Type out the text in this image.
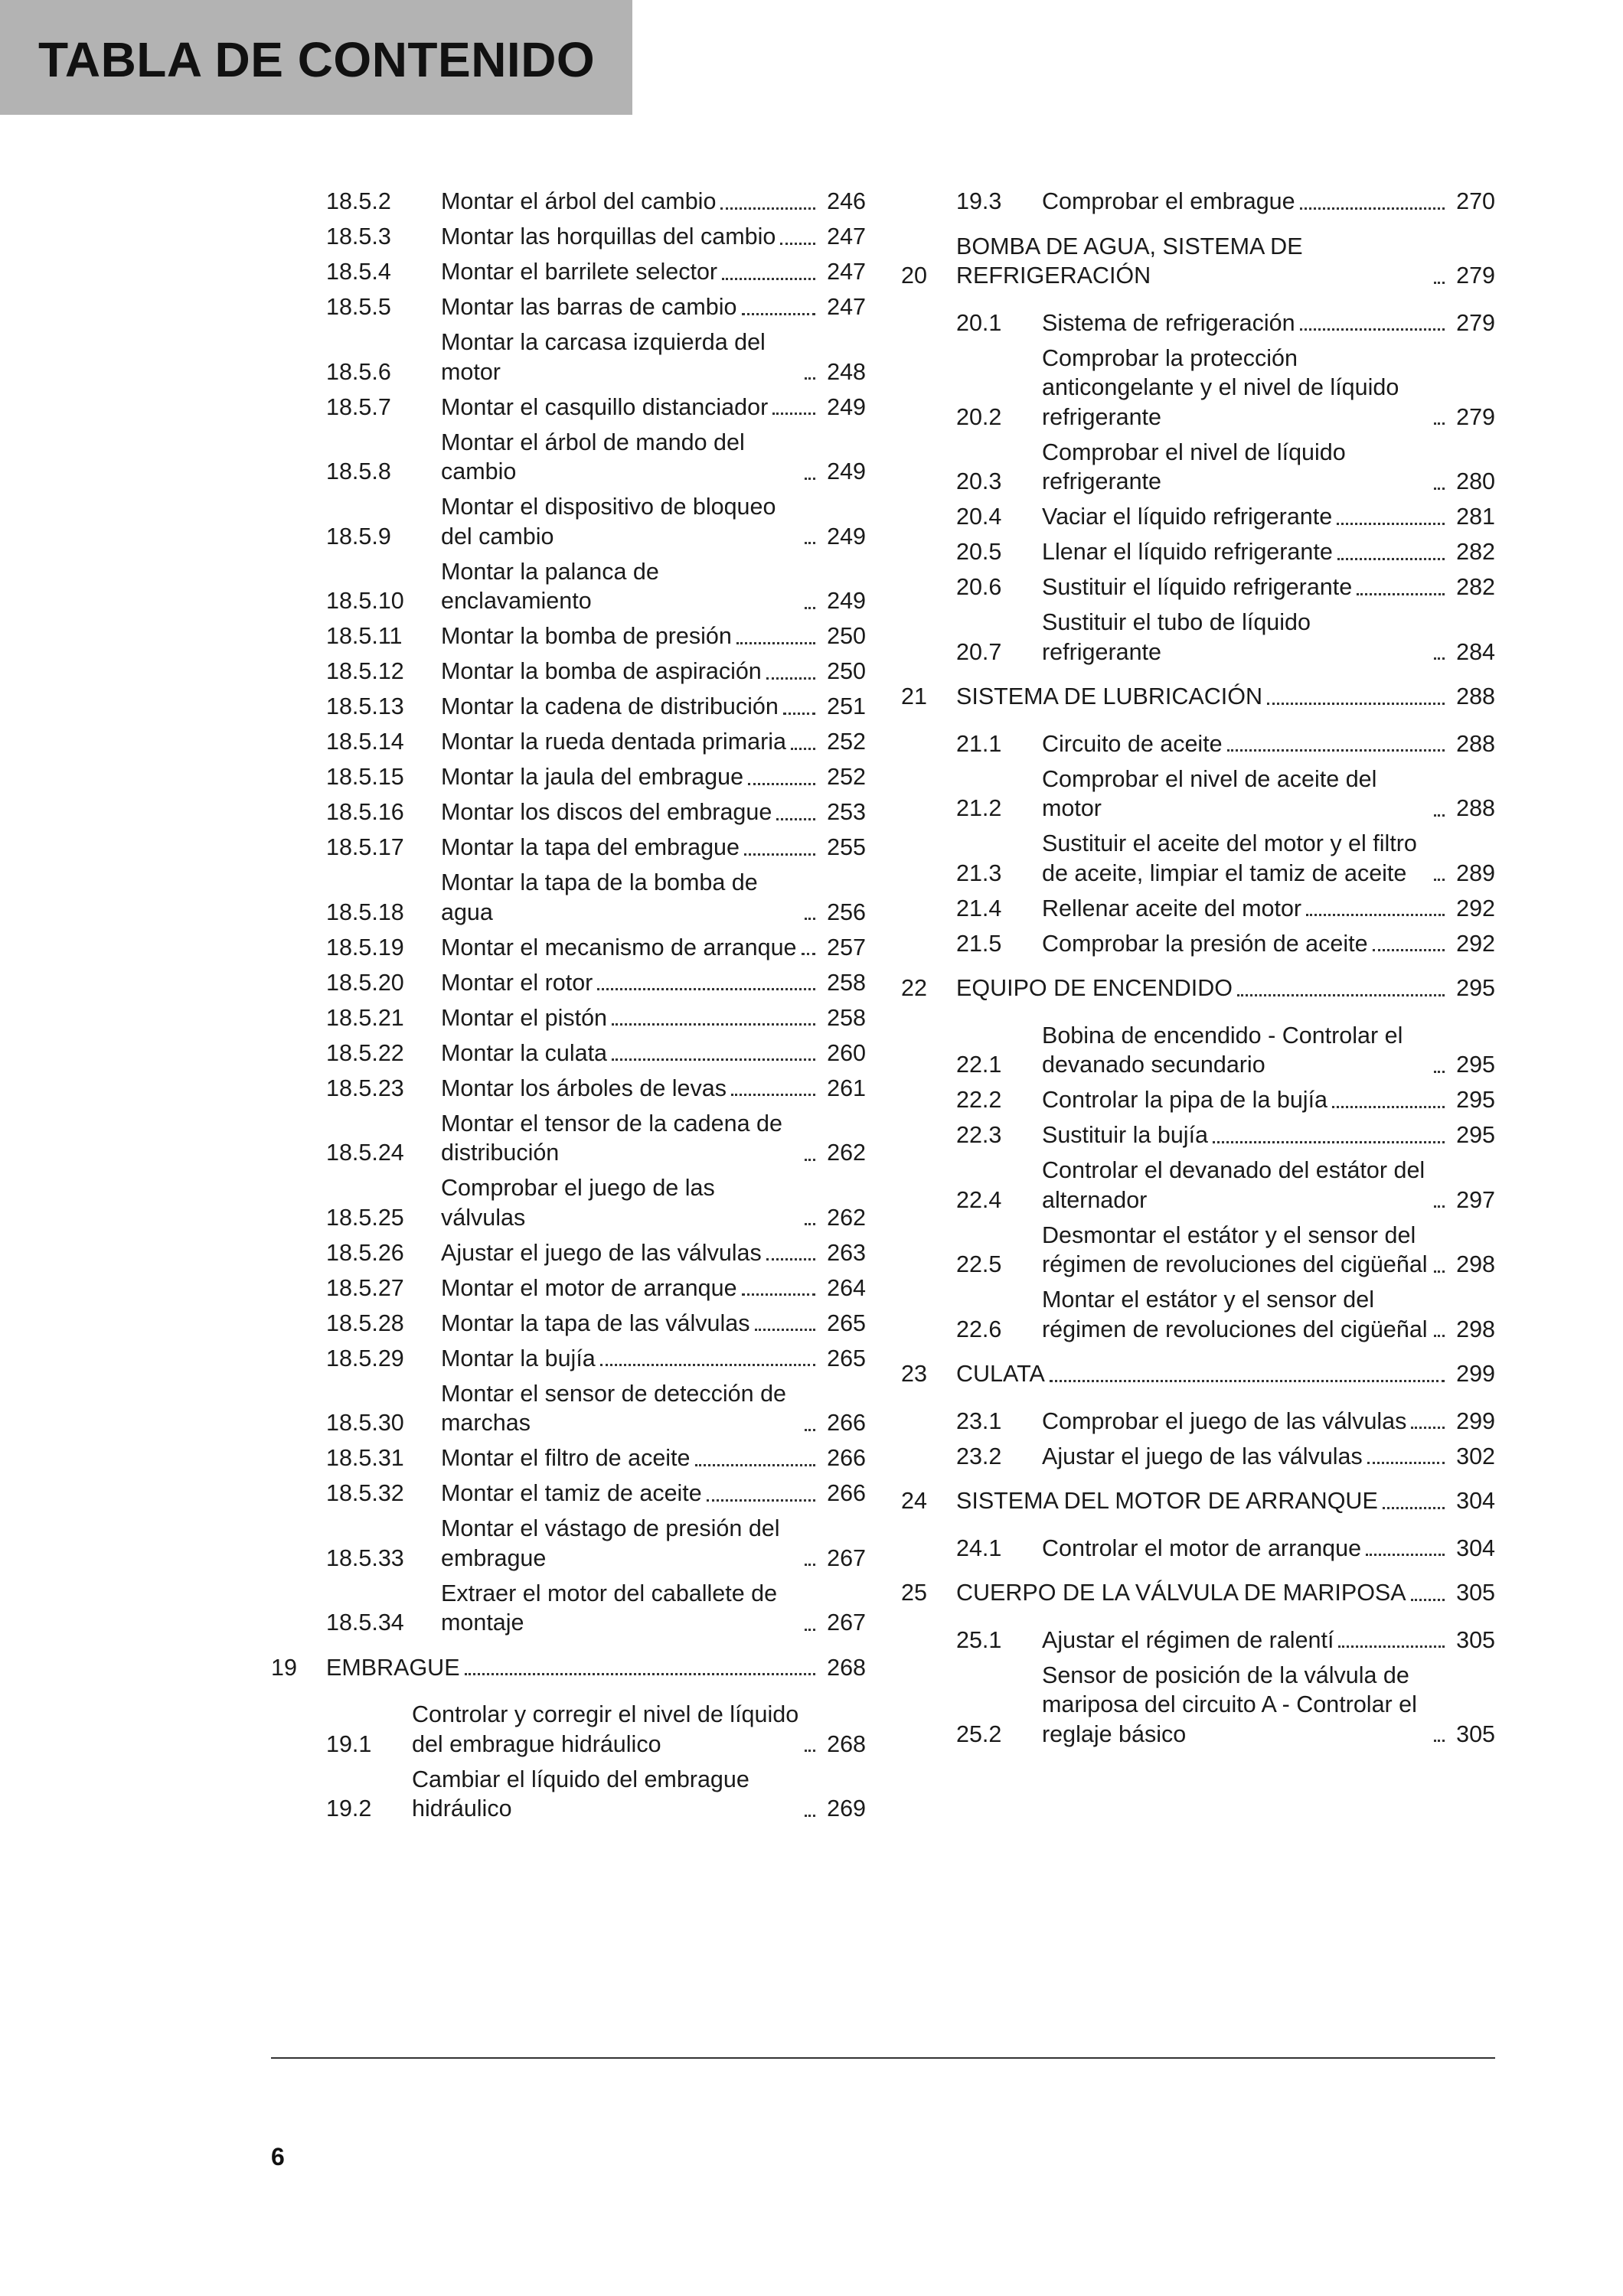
TABLA DE CONTENIDO
18.5.2	Montar el árbol del cambio	246
18.5.3	Montar las horquillas del cambio 247
18.5.4	Montar el barrilete selector	247
18.5.5	Montar las barras de cambio	247
18.5.6
Montar la carcasa izquierda del motor	248
18.5.7	Montar el casquillo distanciador	249
18.5.8
Montar el árbol de mando del cambio	249
18.5.9
Montar el dispositivo de bloqueo del cambio	249
18.5.10
Montar la palanca de enclavamiento	249
18.5.11	Montar la bomba de presión	250
18.5.12	Montar la bomba de aspiración	250
18.5.13	Montar la cadena de distribución 251
18.5.14	Montar la rueda dentada primaria 252
18.5.15	Montar la jaula del embrague	252
18.5.16	Montar los discos del embrague 253
18.5.17	Montar la tapa del embrague	255
18.5.18
Montar la tapa de la bomba de agua	256
18.5.19	Montar el mecanismo de arranque 257
18.5.20	Montar el rotor	258
18.5.21	Montar el pistón	258
18.5.22	Montar la culata	260
18.5.23	Montar los árboles de levas	261
18.5.24
Montar el tensor de la cadena de distribución	262
18.5.25
Comprobar el juego de las válvulas	262
18.5.26	Ajustar el juego de las válvulas	263
18.5.27	Montar el motor de arranque	264
18.5.28	Montar la tapa de las válvulas	265
18.5.29	Montar la bujía	265
18.5.30
Montar el sensor de detección de marchas	266
18.5.31	Montar el filtro de aceite	266
18.5.32	Montar el tamiz de aceite	266
18.5.33
Montar el vástago de presión del embrague	267
18.5.34
Extraer el motor del caballete de montaje	267
19	EMBRAGUE	268
19.1
Controlar y corregir el nivel de líquido del embrague hidráulico	268
19.2
Cambiar el líquido del embrague hidráulico	269
19.3	Comprobar el embrague	270
20
BOMBA DE AGUA, SISTEMA DE REFRIGERACIÓN	279
20.1	Sistema de refrigeración	279
20.2
Comprobar la protección anticongelante y el nivel de líquido refrigerante	279
20.3
Comprobar el nivel de líquido refrigerante	280
20.4	Vaciar el líquido refrigerante	281
20.5	Llenar el líquido refrigerante	282
20.6	Sustituir el líquido refrigerante	282
20.7
Sustituir el tubo de líquido refrigerante	284
21	SISTEMA DE LUBRICACIÓN	288
21.1	Circuito de aceite	288
21.2
Comprobar el nivel de aceite del motor	288
21.3
Sustituir el aceite del motor y el filtro de aceite, limpiar el tamiz de aceite	289
21.4	Rellenar aceite del motor	292
21.5	Comprobar la presión de aceite	292
22	EQUIPO DE ENCENDIDO	295
22.1
Bobina de encendido - Controlar el devanado secundario	295
22.2	Controlar la pipa de la bujía	295
22.3	Sustituir la bujía	295
22.4
Controlar el devanado del estátor del alternador	297
22.5
Desmontar el estátor y el sensor del régimen de revoluciones del cigüeñal 298
22.6
Montar el estátor y el sensor del régimen de revoluciones del cigüeñal 298
23	CULATA	299
23.1	Comprobar el juego de las válvulas 299
23.2	Ajustar el juego de las válvulas	302
24	SISTEMA DEL MOTOR DE ARRANQUE	304
24.1	Controlar el motor de arranque	304
25	CUERPO DE LA VÁLVULA DE MARIPOSA 305
25.1	Ajustar el régimen de ralentí	305
25.2
Sensor de posición de la válvula de mariposa del circuito A - Controlar el reglaje básico	305
6
